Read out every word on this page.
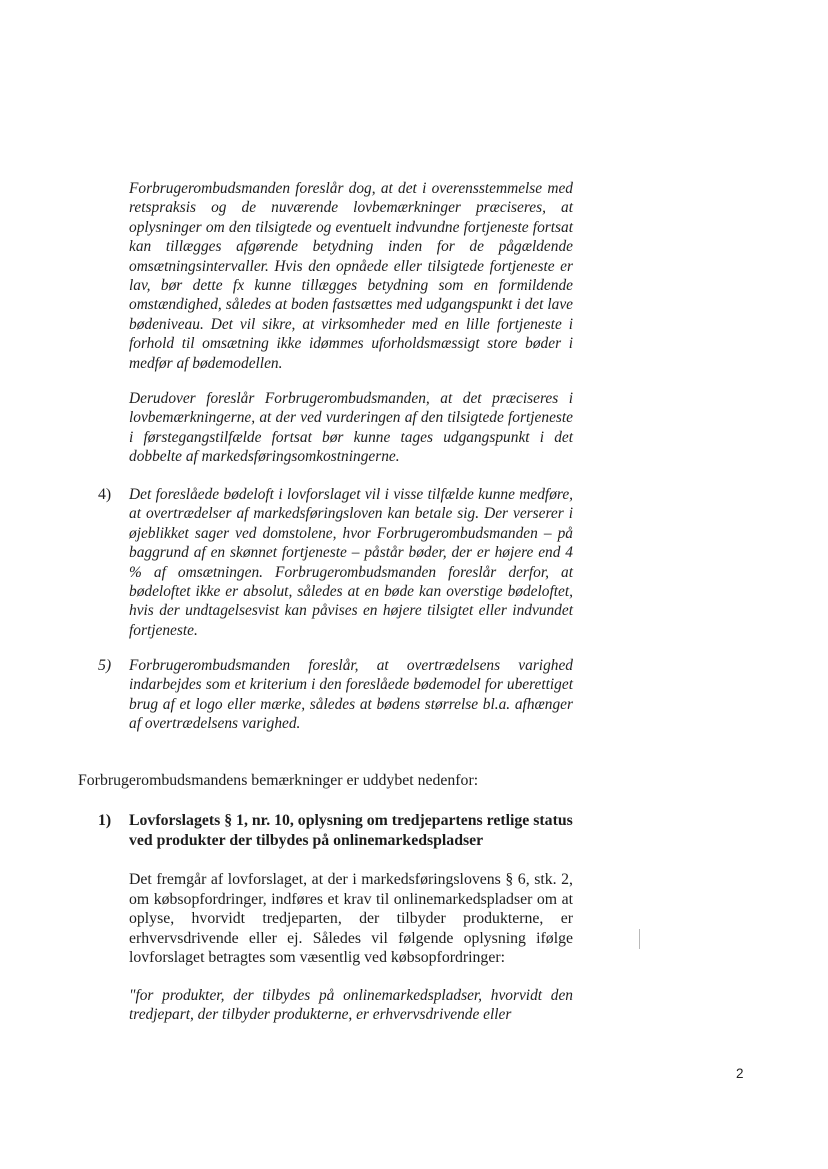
Forbrugerombudsmanden foreslår dog, at det i overensstemmelse med retspraksis og de nuværende lovbemærkninger præciseres, at oplysninger om den tilsigtede og eventuelt indvundne fortjeneste fortsat kan tillægges afgørende betydning inden for de pågældende omsætningsintervaller. Hvis den opnåede eller tilsigtede fortjeneste er lav, bør dette fx kunne tillægges betydning som en formildende omstændighed, således at boden fastsættes med udgangspunkt i det lave bødeniveau. Det vil sikre, at virksomheder med en lille fortjeneste i forhold til omsætning ikke idømmes uforholdsmæssigt store bøder i medfør af bødemodellen.

Derudover foreslår Forbrugerombudsmanden, at det præciseres i lovbemærkningerne, at der ved vurderingen af den tilsigtede fortjeneste i førstegangstilfælde fortsat bør kunne tages udgangspunkt i det dobbelte af markedsføringsomkostningerne.

4) Det foreslåede bødeloft i lovforslaget vil i visse tilfælde kunne medføre, at overtrædelser af markedsføringsloven kan betale sig. Der verserer i øjeblikket sager ved domstolene, hvor Forbrugerombudsmanden – på baggrund af en skønnet fortjeneste – påstår bøder, der er højere end 4 % af omsætningen. Forbrugerombudsmanden foreslår derfor, at bødeloftet ikke er absolut, således at en bøde kan overstige bødeloftet, hvis der undtagelsesvist kan påvises en højere tilsigtet eller indvundet fortjeneste.
5) Forbrugerombudsmanden foreslår, at overtrædelsens varighed indarbejdes som et kriterium i den foreslåede bødemodel for uberettiget brug af et logo eller mærke, således at bødens størrelse bl.a. afhænger af overtrædelsens varighed.

Forbrugerombudsmandens bemærkninger er uddybet nedenfor:

1) Lovforslagets § 1, nr. 10, oplysning om tredjepartens retlige status ved produkter der tilbydes på onlinemarkedspladser

Det fremgår af lovforslaget, at der i markedsføringslovens § 6, stk. 2, om købsopfordringer, indføres et krav til onlinemarkedspladser om at oplyse, hvorvidt tredjeparten, der tilbyder produkterne, er erhvervsdrivende eller ej. Således vil følgende oplysning ifølge lovforslaget betragtes som væsentlig ved købsopfordringer:

"for produkter, der tilbydes på onlinemarkedspladser, hvorvidt den tredjepart, der tilbyder produkterne, er erhvervsdrivende eller

2
